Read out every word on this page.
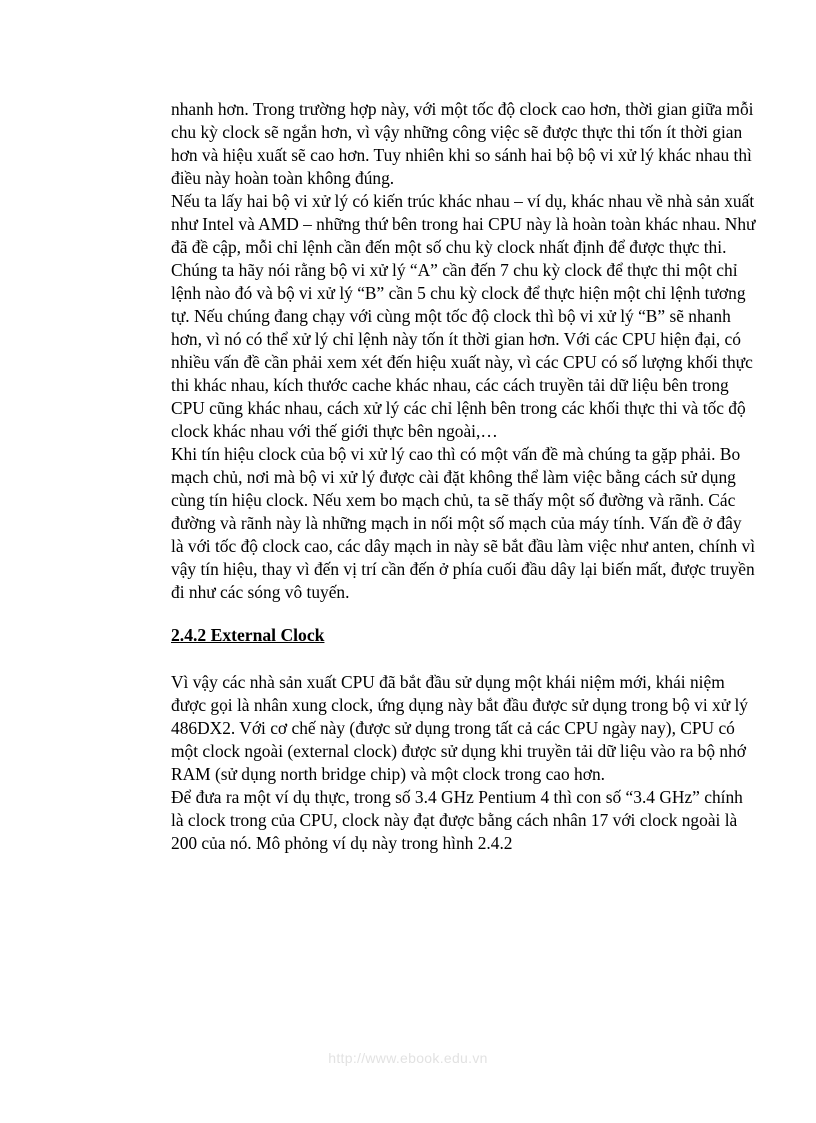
nhanh hơn. Trong trường hợp này, với một tốc độ clock cao hơn, thời gian giữa mỗi chu kỳ clock sẽ ngắn hơn, vì vậy những công việc sẽ được thực thi tốn ít thời gian hơn và hiệu xuất sẽ cao hơn. Tuy nhiên khi so sánh hai bộ bộ vi xử lý khác nhau thì điều này hoàn toàn không đúng.

Nếu ta lấy hai bộ vi xử lý có kiến trúc khác nhau – ví dụ, khác nhau về nhà sản xuất như Intel và AMD – những thứ bên trong hai CPU này là hoàn toàn khác nhau. Như đã đề cập, mỗi chỉ lệnh cần đến một số chu kỳ clock nhất định để được thực thi. Chúng ta hãy nói rằng bộ vi xử lý “A” cần đến 7 chu kỳ clock để thực thi một chỉ lệnh nào đó và bộ vi xử lý “B” cần 5 chu kỳ clock để thực hiện một chỉ lệnh tương tự. Nếu chúng đang chạy với cùng một tốc độ clock thì bộ vi xử lý “B” sẽ nhanh hơn, vì nó có thể xử lý chỉ lệnh này tốn ít thời gian hơn. Với các CPU hiện đại, có nhiều vấn đề cần phải xem xét đến hiệu xuất này, vì các CPU có số lượng khối thực thi khác nhau, kích thước cache khác nhau, các cách truyền tải dữ liệu bên trong CPU cũng khác nhau, cách xử lý các chỉ lệnh bên trong các khối thực thi và tốc độ clock khác nhau với thế giới thực bên ngoài,…

Khi tín hiệu clock của bộ vi xử lý cao thì có một vấn đề mà chúng ta gặp phải. Bo mạch chủ, nơi mà bộ vi xử lý được cài đặt không thể làm việc bằng cách sử dụng cùng tín hiệu clock. Nếu xem bo mạch chủ, ta sẽ thấy một số đường và rãnh. Các đường và rãnh này là những mạch in nối một số mạch của máy tính. Vấn đề ở đây là với tốc độ clock cao, các dây mạch in này sẽ bắt đầu làm việc như anten, chính vì vậy tín hiệu, thay vì đến vị trí cần đến ở phía cuối đầu dây lại biến mất, được truyền đi như các sóng vô tuyến.

2.4.2 External Clock

Vì vậy các nhà sản xuất CPU đã bắt đầu sử dụng một khái niệm mới, khái niệm được gọi là nhân xung clock, ứng dụng này bắt đầu được sử dụng trong bộ vi xử lý 486DX2. Với cơ chế này (được sử dụng trong tất cả các CPU ngày nay), CPU có một clock ngoài (external clock) được sử dụng khi truyền tải dữ liệu vào ra bộ nhớ RAM (sử dụng north bridge chip) và một clock trong cao hơn.

Để đưa ra một ví dụ thực, trong số 3.4 GHz Pentium 4 thì con số “3.4 GHz” chính là clock trong của CPU, clock này đạt được bằng cách nhân 17 với clock ngoài là 200 của nó. Mô phỏng ví dụ này trong hình 2.4.2

http://www.ebook.edu.vn
